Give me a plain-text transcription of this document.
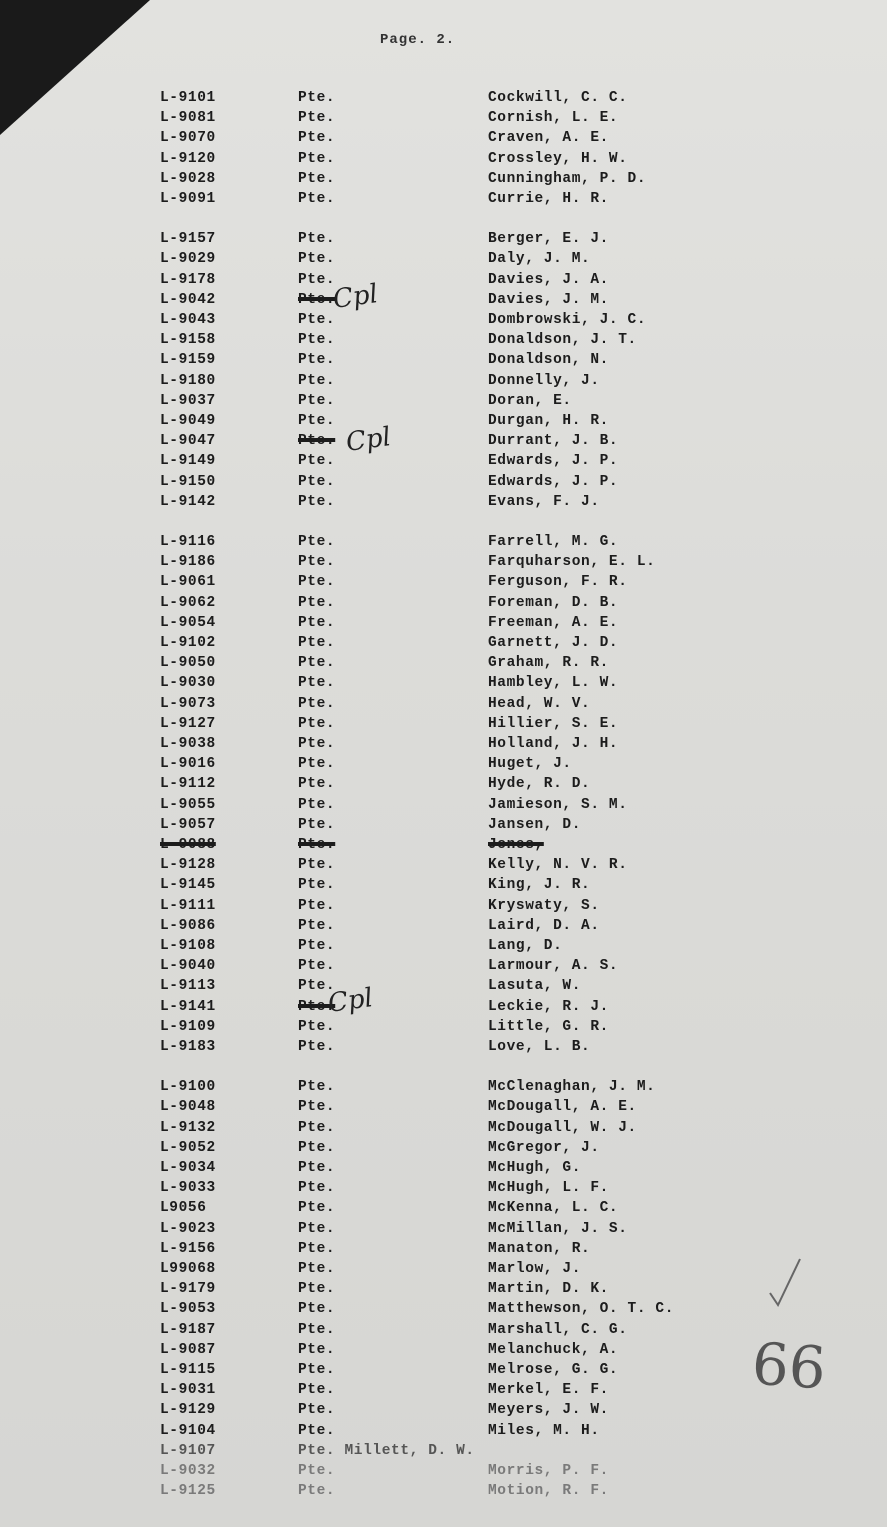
Page. 2.
L-9101	Pte.	Cockwill, C. C.
L-9081	Pte.	Cornish, L. E.
L-9070	Pte.	Craven, A. E.
L-9120	Pte.	Crossley, H. W.
L-9028	Pte.	Cunningham, P. D.
L-9091	Pte.	Currie, H. R.
L-9157	Pte.	Berger, E. J.
L-9029	Pte.	Daly, J. M.
L-9178	Pte.	Davies, J. A.
L-9042	Pte.	Davies, J. M.
L-9043	Pte.	Dombrowski, J. C.
L-9158	Pte.	Donaldson, J. T.
L-9159	Pte.	Donaldson, N.
L-9180	Pte.	Donnelly, J.
L-9037	Pte.	Doran, E.
L-9049	Pte.	Durgan, H. R.
L-9047	Pte.	Durrant, J. B.
L-9149	Pte.	Edwards, J. P.
L-9150	Pte.	Edwards, J. P.
L-9142	Pte.	Evans, F. J.
L-9116	Pte.	Farrell, M. G.
L-9186	Pte.	Farquharson, E. L.
L-9061	Pte.	Ferguson, F. R.
L-9062	Pte.	Foreman, D. B.
L-9054	Pte.	Freeman, A. E.
L-9102	Pte.	Garnett, J. D.
L-9050	Pte.	Graham, R. R.
L-9030	Pte.	Hambley, L. W.
L-9073	Pte.	Head, W. V.
L-9127	Pte.	Hillier, S. E.
L-9038	Pte.	Holland, J. H.
L-9016	Pte.	Huget, J.
L-9112	Pte.	Hyde, R. D.
L-9055	Pte.	Jamieson, S. M.
L-9057	Pte.	Jansen, D.
L-9088	Pte.	Jones,
L-9128	Pte.	Kelly, N. V. R.
L-9145	Pte.	King, J. R.
L-9111	Pte.	Kryswaty, S.
L-9086	Pte.	Laird, D. A.
L-9108	Pte.	Lang, D.
L-9040	Pte.	Larmour, A. S.
L-9113	Pte.	Lasuta, W.
L-9141	Pte.	Leckie, R. J.
L-9109	Pte.	Little, G. R.
L-9183	Pte.	Love, L. B.
L-9100	Pte.	McClenaghan, J. M.
L-9048	Pte.	McDougall, A. E.
L-9132	Pte.	McDougall, W. J.
L-9052	Pte.	McGregor, J.
L-9034	Pte.	McHugh, G.
L-9033	Pte.	McHugh, L. F.
L9056	Pte.	McKenna, L. C.
L-9023	Pte.	McMillan, J. S.
L-9156	Pte.	Manaton, R.
L99068	Pte.	Marlow, J.
L-9179	Pte.	Martin, D. K.
L-9053	Pte.	Matthewson, O. T. C.
L-9187	Pte.	Marshall, C. G.
L-9087	Pte.	Melanchuck, A.
L-9115	Pte.	Melrose, G. G.
L-9031	Pte.	Merkel, E. F.
L-9129	Pte.	Meyers, J. W.
L-9104	Pte.	Miles, M. H.
L-9107	Pte. Millett, D. W.
L-9032	Pte.	Morris, P. F.
L-9125	Pte.	Motion, R. F.
Cpl
Cpl
Cpl
66
